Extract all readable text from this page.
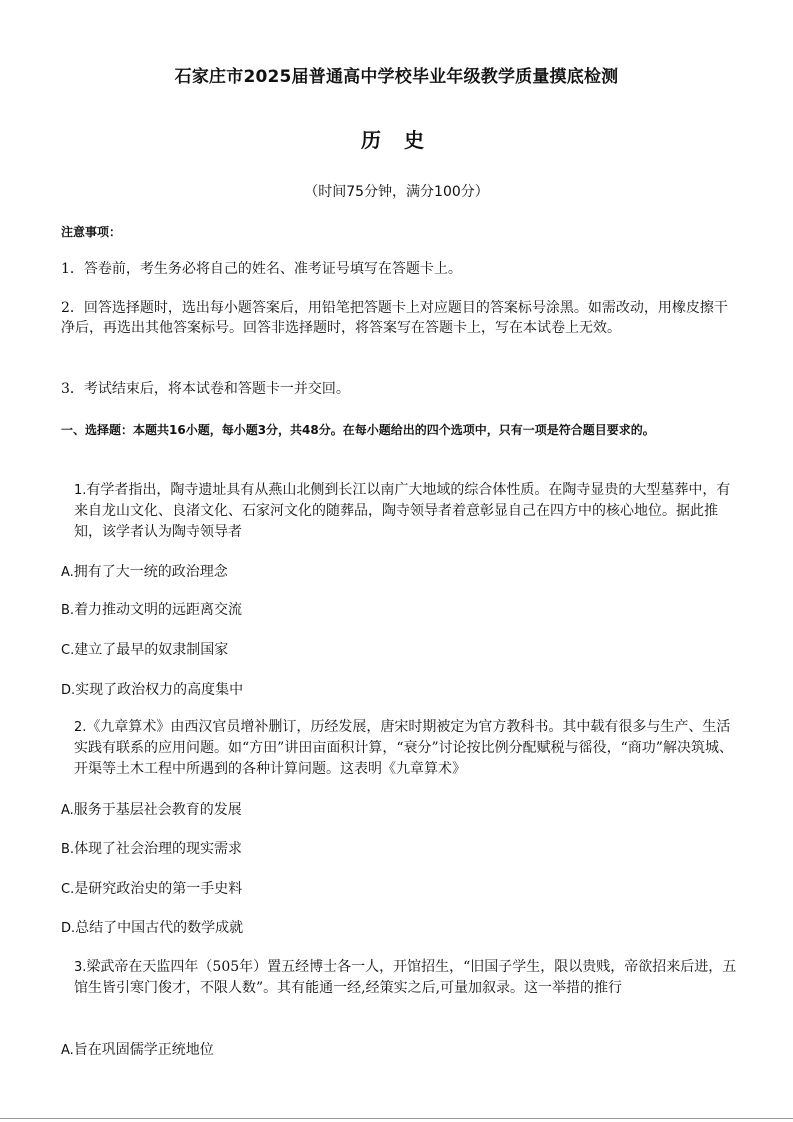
石家庄市2025届普通高中学校毕业年级教学质量摸底检测
历 史
（时间75分钟，满分100分）
注意事项：
1．答卷前，考生务必将自己的姓名、准考证号填写在答题卡上。
2．回答选择题时，选出每小题答案后，用铅笔把答题卡上对应题目的答案标号涂黑。如需改动，用橡皮擦干净后，再选出其他答案标号。回答非选择题时，将答案写在答题卡上，写在本试卷上无效。
3．考试结束后，将本试卷和答题卡一并交回。
一、选择题：本题共16小题，每小题3分，共48分。在每小题给出的四个选项中，只有一项是符合题目要求的。
1.有学者指出，陶寺遗址具有从燕山北侧到长江以南广大地域的综合体性质。在陶寺显贵的大型墓葬中，有来自龙山文化、良渚文化、石家河文化的随葬品，陶寺领导者着意彰显自己在四方中的核心地位。据此推知，该学者认为陶寺领导者
A.拥有了大一统的政治理念
B.着力推动文明的远距离交流
C.建立了最早的奴隶制国家
D.实现了政治权力的高度集中
2.《九章算术》由西汉官员增补删订，历经发展，唐宋时期被定为官方教科书。其中载有很多与生产、生活实践有联系的应用问题。如“方田”讲田亩面积计算，“衰分”讨论按比例分配赋税与徭役，“商功”解决筑城、开渠等土木工程中所遇到的各种计算问题。这表明《九章算术》
A.服务于基层社会教育的发展
B.体现了社会治理的现实需求
C.是研究政治史的第一手史料
D.总结了中国古代的数学成就
3.梁武帝在天监四年（505年）置五经博士各一人，开馆招生，“旧国子学生，限以贵贱，帝欲招来后进，五馆生皆引寒门俊才，不限人数”。其有能通一经,经策实之后,可量加叙录。这一举措的推行
A.旨在巩固儒学正统地位
